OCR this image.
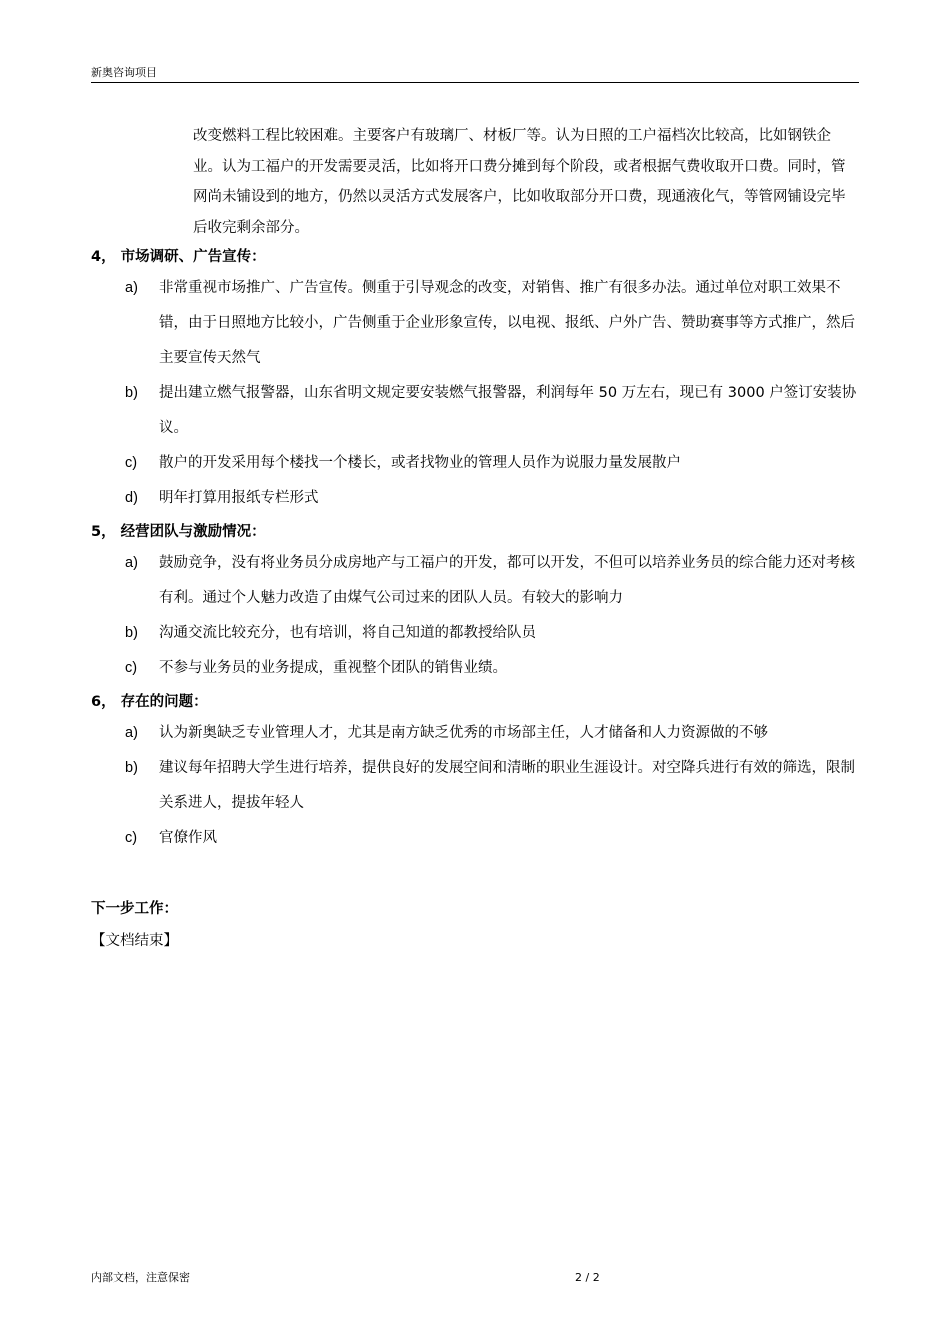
新奥咨询项目
改变燃料工程比较困难。主要客户有玻璃厂、材板厂等。认为日照的工户福档次比较高，比如钢铁企业。认为工福户的开发需要灵活，比如将开口费分摊到每个阶段，或者根据气费收取开口费。同时，管网尚未铺设到的地方，仍然以灵活方式发展客户，比如收取部分开口费，现通液化气，等管网铺设完毕后收完剩余部分。
4， 市场调研、广告宣传：
a) 非常重视市场推广、广告宣传。侧重于引导观念的改变，对销售、推广有很多办法。通过单位对职工效果不错，由于日照地方比较小，广告侧重于企业形象宣传，以电视、报纸、户外广告、赞助赛事等方式推广，然后主要宣传天然气
b) 提出建立燃气报警器，山东省明文规定要安装燃气报警器，利润每年 50 万左右，现已有 3000 户签订安装协议。
c) 散户的开发采用每个楼找一个楼长，或者找物业的管理人员作为说服力量发展散户
d) 明年打算用报纸专栏形式
5， 经营团队与激励情况：
a) 鼓励竞争，没有将业务员分成房地产与工福户的开发，都可以开发，不但可以培养业务员的综合能力还对考核有利。通过个人魅力改造了由煤气公司过来的团队人员。有较大的影响力
b) 沟通交流比较充分，也有培训，将自己知道的都教授给队员
c) 不参与业务员的业务提成，重视整个团队的销售业绩。
6， 存在的问题：
a) 认为新奥缺乏专业管理人才，尤其是南方缺乏优秀的市场部主任，人才储备和人力资源做的不够
b) 建议每年招聘大学生进行培养，提供良好的发展空间和清晰的职业生涯设计。对空降兵进行有效的筛选，限制关系进人，提拔年轻人
c) 官僚作风
下一步工作：
【文档结束】
内部文档，注意保密	2 / 2
